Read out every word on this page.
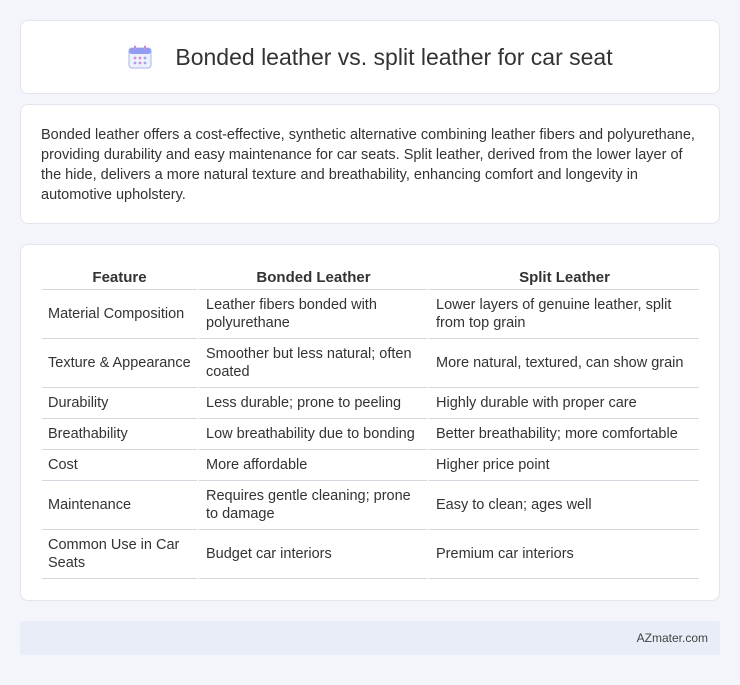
Bonded leather vs. split leather for car seat

Bonded leather offers a cost-effective, synthetic alternative combining leather fibers and polyurethane, providing durability and easy maintenance for car seats. Split leather, derived from the lower layer of the hide, delivers a more natural texture and breathability, enhancing comfort and longevity in automotive upholstery.

Feature	Bonded Leather	Split Leather
Material Composition	Leather fibers bonded with polyurethane	Lower layers of genuine leather, split from top grain
Texture & Appearance	Smoother but less natural; often coated	More natural, textured, can show grain
Durability	Less durable; prone to peeling	Highly durable with proper care
Breathability	Low breathability due to bonding	Better breathability; more comfortable
Cost	More affordable	Higher price point
Maintenance	Requires gentle cleaning; prone to damage	Easy to clean; ages well
Common Use in Car Seats	Budget car interiors	Premium car interiors
AZmater.com
